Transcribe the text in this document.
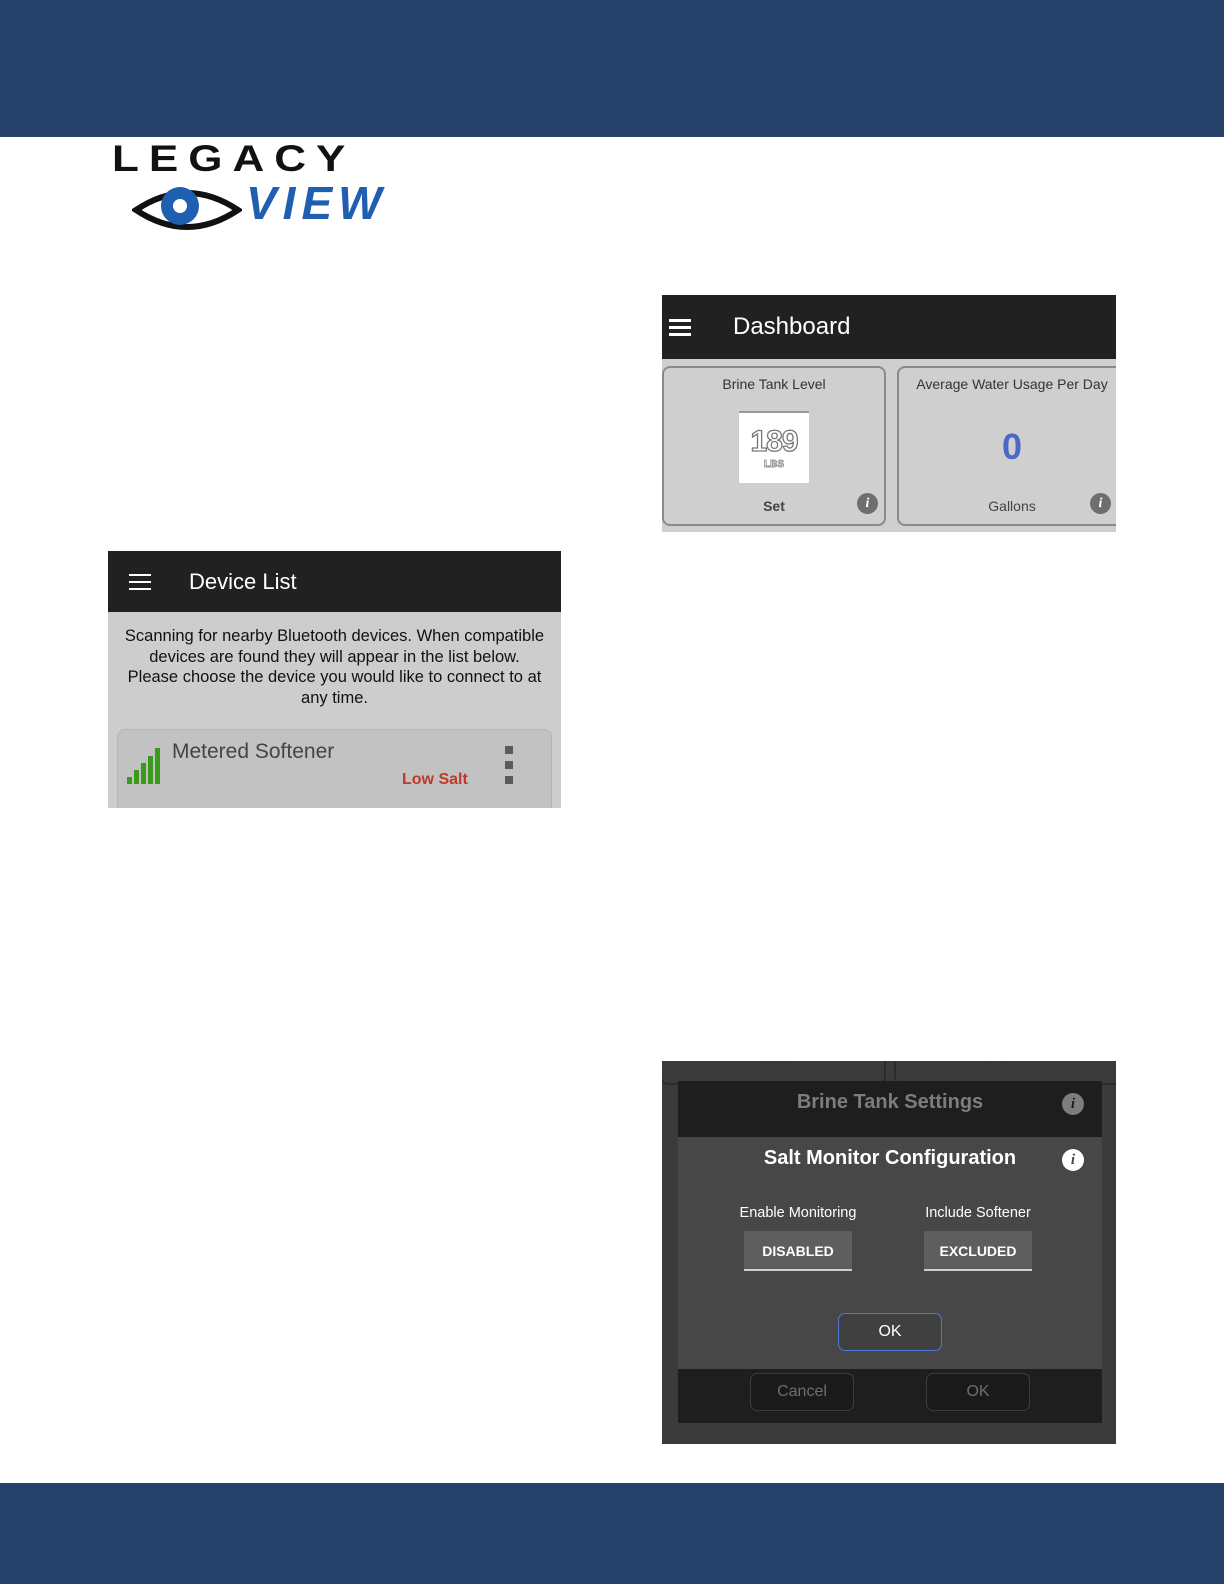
LEGACY
VIEW
Dashboard
Brine Tank Level
189
LBS
Set	i
Average Water Usage Per Day
0
Gallons	i
Device List
Scanning for nearby Bluetooth devices. When compatible devices are found they will appear in the list below. Please choose the device you would like to connect to at any time.
Metered Softener
Low Salt
GPM	Gallons
Brine Tank Settings	i
Cancel	OK
Salt Monitor Configuration	i
Enable Monitoring
DISABLED
Include Softener
EXCLUDED
OK
